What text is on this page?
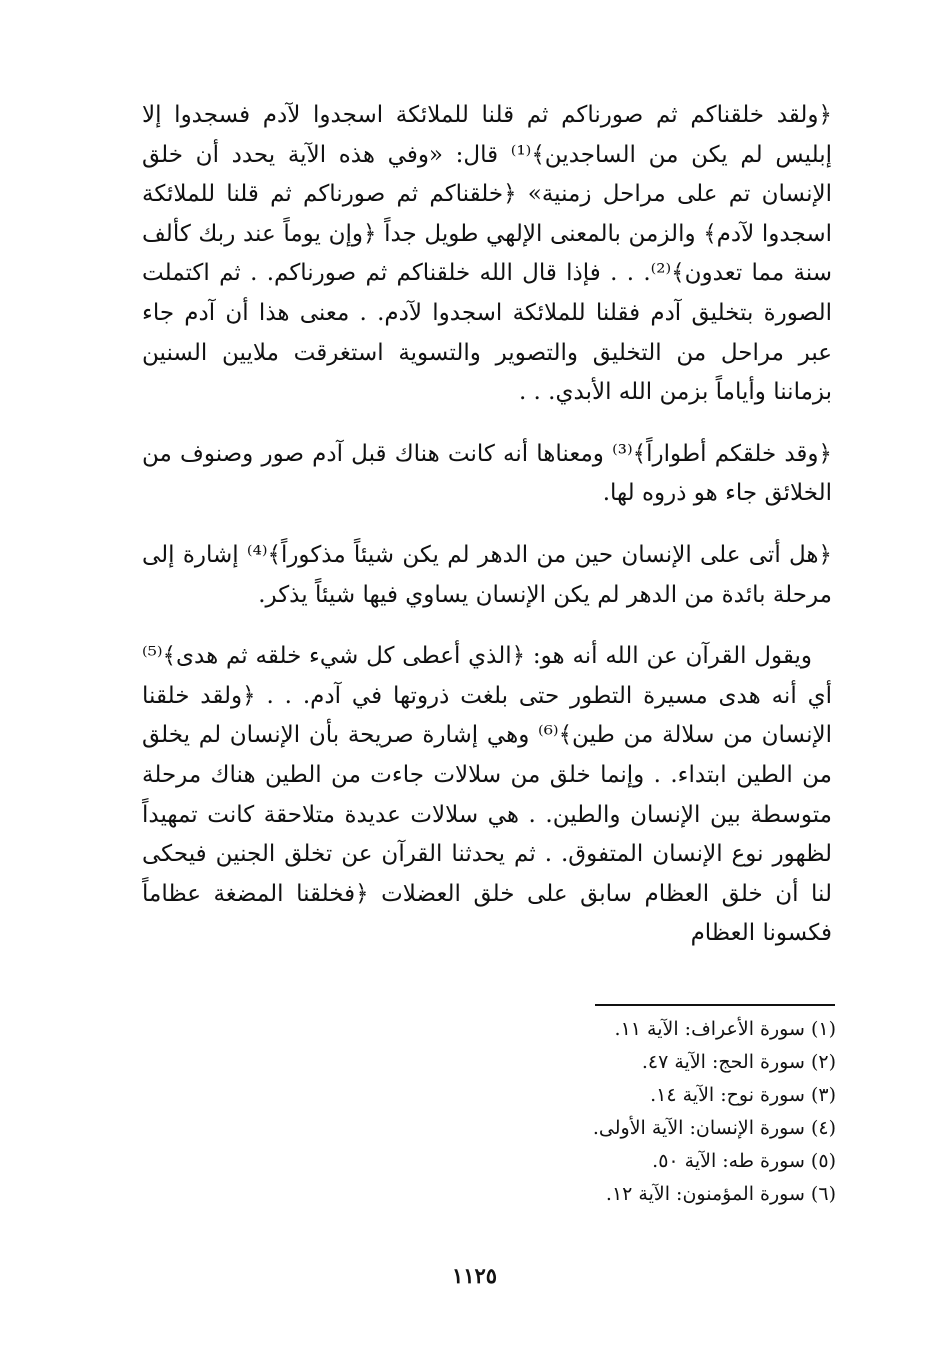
﴿ولقد خلقناكم ثم صورناكم ثم قلنا للملائكة اسجدوا لآدم فسجدوا إلا إبليس لم يكن من الساجدين﴾⁽¹⁾ قال: «وفي هذه الآية يحدد أن خلق الإنسان تم على مراحل زمنية» ﴿خلقناكم ثم صورناكم ثم قلنا للملائكة اسجدوا لآدم﴾ والزمن بالمعنى الإلهي طويل جداً ﴿وإن يوماً عند ربك كألف سنة مما تعدون﴾⁽²⁾. . . فإذا قال الله خلقناكم ثم صورناكم. . ثم اكتملت الصورة بتخليق آدم فقلنا للملائكة اسجدوا لآدم. . معنى هذا أن آدم جاء عبر مراحل من التخليق والتصوير والتسوية استغرقت ملايين السنين بزماننا وأياماً بزمن الله الأبدي. . .

﴿وقد خلقكم أطواراً﴾⁽³⁾ ومعناها أنه كانت هناك قبل آدم صور وصنوف من الخلائق جاء هو ذروه لها.

﴿هل أتى على الإنسان حين من الدهر لم يكن شيئاً مذكوراً﴾⁽⁴⁾ إشارة إلى مرحلة بائدة من الدهر لم يكن الإنسان يساوي فيها شيئاً يذكر.

ويقول القرآن عن الله أنه هو: ﴿الذي أعطى كل شيء خلقه ثم هدى﴾⁽⁵⁾ أي أنه هدى مسيرة التطور حتى بلغت ذروتها في آدم. . . ﴿ولقد خلقنا الإنسان من سلالة من طين﴾⁽⁶⁾ وهي إشارة صريحة بأن الإنسان لم يخلق من الطين ابتداء. . وإنما خلق من سلالات جاءت من الطين هناك مرحلة متوسطة بين الإنسان والطين. . هي سلالات عديدة متلاحقة كانت تمهيداً لظهور نوع الإنسان المتفوق. . ثم يحدثنا القرآن عن تخلق الجنين فيحكى لنا أن خلق العظام سابق على خلق العضلات ﴿فخلقنا المضغة عظاماً فكسونا العظام

(١) سورة الأعراف: الآية ١١.

(٢) سورة الحج: الآية ٤٧.

(٣) سورة نوح: الآية ١٤.

(٤) سورة الإنسان: الآية الأولى.

(٥) سورة طه: الآية ٥٠.

(٦) سورة المؤمنون: الآية ١٢.

١١٢٥
